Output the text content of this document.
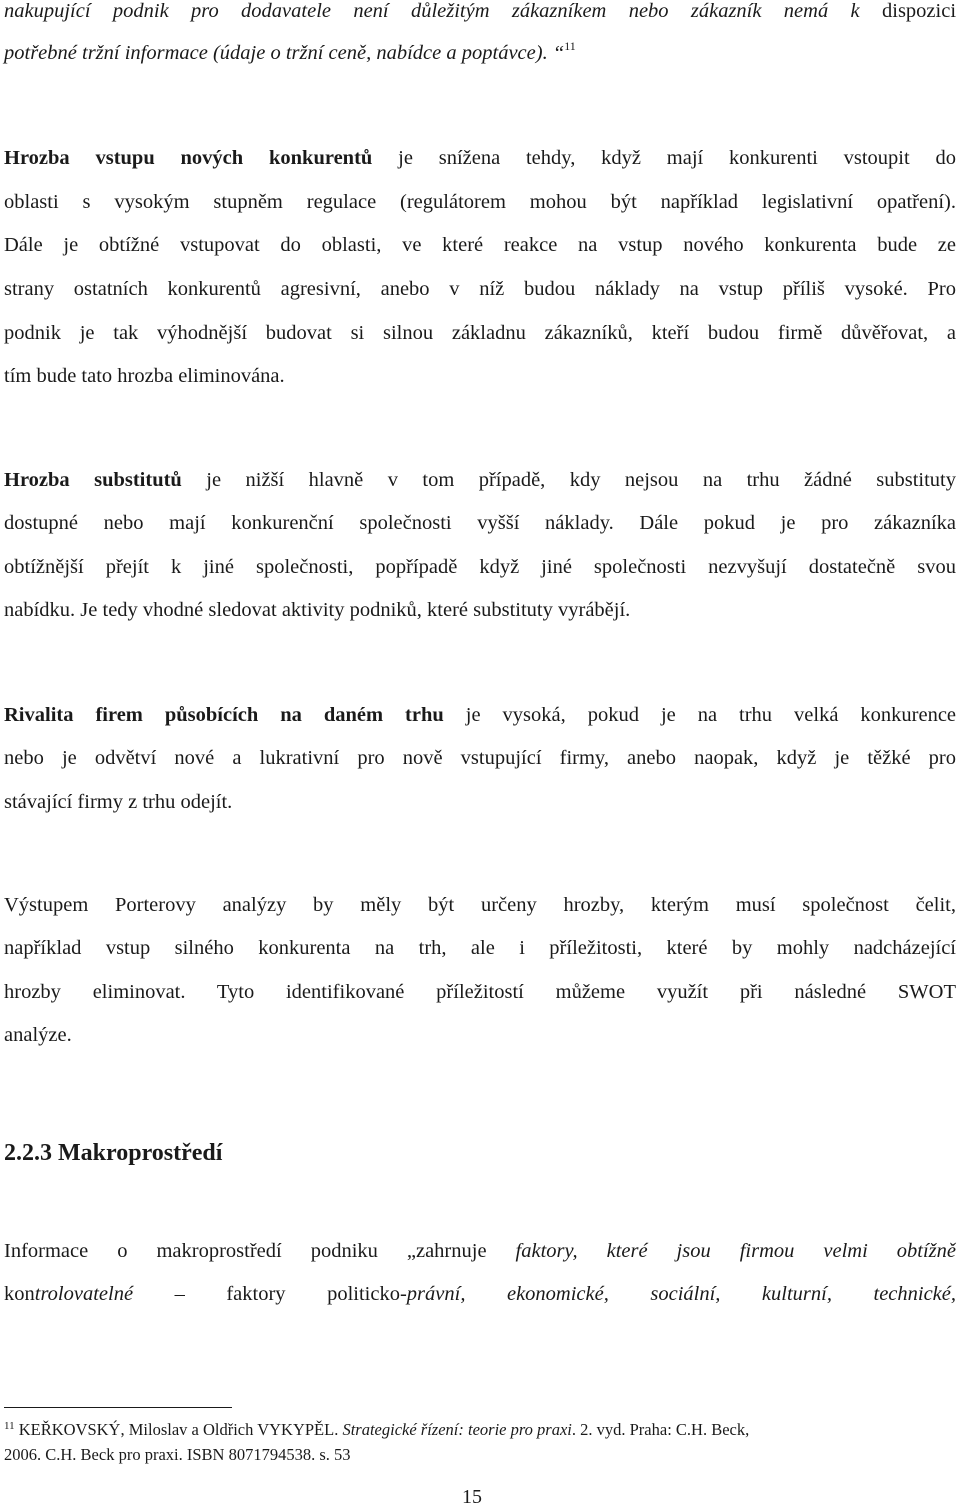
nakupující podnik pro dodavatele není důležitým zákazníkem nebo zákazník nemá k dispozici
potřebné tržní informace (údaje o tržní ceně, nabídce a poptávce). “$^{11}$
Hrozba vstupu nových konkurentů je snížena tehdy, když mají konkurenti vstoupit do
oblasti s vysokým stupněm regulace (regulátorem mohou být například legislativní opatření).
Dále je obtížné vstupovat do oblasti, ve které reakce na vstup nového konkurenta bude ze
strany ostatních konkurentů agresivní, anebo v níž budou náklady na vstup příliš vysoké. Pro
podnik je tak výhodnější budovat si silnou základnu zákazníků, kteří budou firmě důvěřovat, a
tím bude tato hrozba eliminována.
Hrozba substitutů je nižší hlavně v tom případě, kdy nejsou na trhu žádné substituty
dostupné nebo mají konkurenční společnosti vyšší náklady. Dále pokud je pro zákazníka
obtížnější přejít k jiné společnosti, popřípadě když jiné společnosti nezvyšují dostatečně svou
nabídku. Je tedy vhodné sledovat aktivity podniků, které substituty vyrábějí.
Rivalita firem působících na daném trhu je vysoká, pokud je na trhu velká konkurence
nebo je odvětví nové a lukrativní pro nově vstupující firmy, anebo naopak, když je těžké pro
stávající firmy z trhu odejít.
Výstupem Porterovy analýzy by měly být určeny hrozby, kterým musí společnost čelit,
například vstup silného konkurenta na trh, ale i příležitosti, které by mohly nadcházející
hrozby eliminovat. Tyto identifikované příležitostí můžeme využít při následné SWOT
analýze.
2.2.3 Makroprostředí
Informace o makroprostředí podniku „zahrnuje faktory, které jsou firmou velmi obtížně
kontrolovatelné – faktory politicko-právní, ekonomické, sociální, kulturní, technické,
$^{11}$ KEŘKOVSKÝ, Miloslav a Oldřich VYKYPĚL. Strategické řízení: teorie pro praxi. 2. vyd. Praha: C.H. Beck,
2006. C.H. Beck pro praxi. ISBN 8071794538. s. 53
15
